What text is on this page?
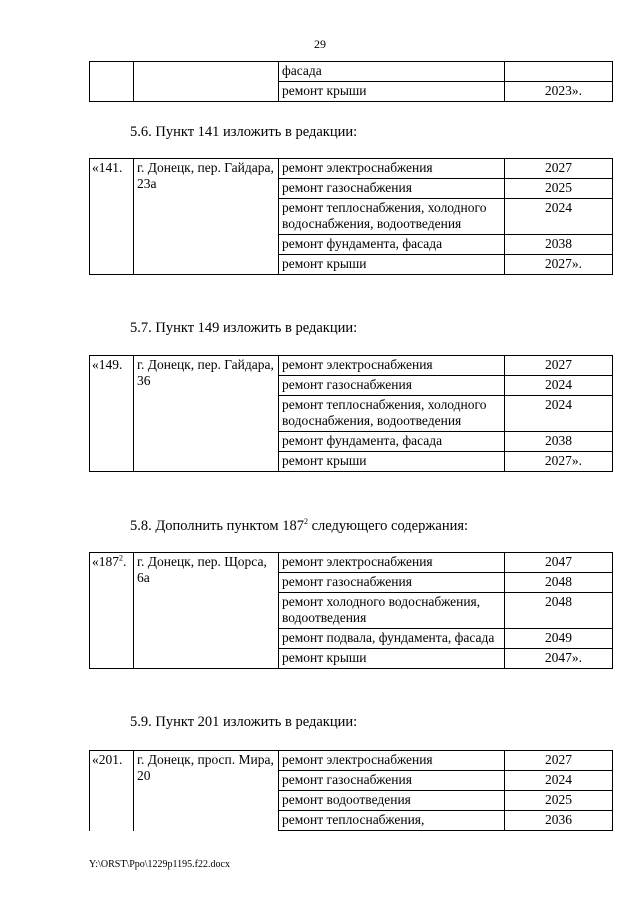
29
		фасада	
		ремонт крыши	2023».
5.6. Пункт 141 изложить в редакции:
«141.	г. Донецк, пер. Гайдара, 23а	ремонт электроснабжения	2027
		ремонт газоснабжения	2025
		ремонт теплоснабжения, холодного водоснабжения, водоотведения	2024
		ремонт фундамента, фасада	2038
		ремонт крыши	2027».
5.7. Пункт 149 изложить в редакции:
«149.	г. Донецк, пер. Гайдара, 36	ремонт электроснабжения	2027
		ремонт газоснабжения	2024
		ремонт теплоснабжения, холодного водоснабжения, водоотведения	2024
		ремонт фундамента, фасада	2038
		ремонт крыши	2027».
5.8. Дополнить пунктом $187^2$ следующего содержания:
«$187^2$.	г. Донецк, пер. Щорса, 6а	ремонт электроснабжения	2047
		ремонт газоснабжения	2048
		ремонт холодного водоснабжения, водоотведения	2048
		ремонт подвала, фундамента, фасада	2049
		ремонт крыши	2047».
5.9. Пункт 201 изложить в редакции:
«201.	г. Донецк, просп. Мира, 20	ремонт электроснабжения	2027
		ремонт газоснабжения	2024
		ремонт водоотведения	2025
		ремонт теплоснабжения,	2036
Y:\ORST\Ppo\1229p1195.f22.docx
